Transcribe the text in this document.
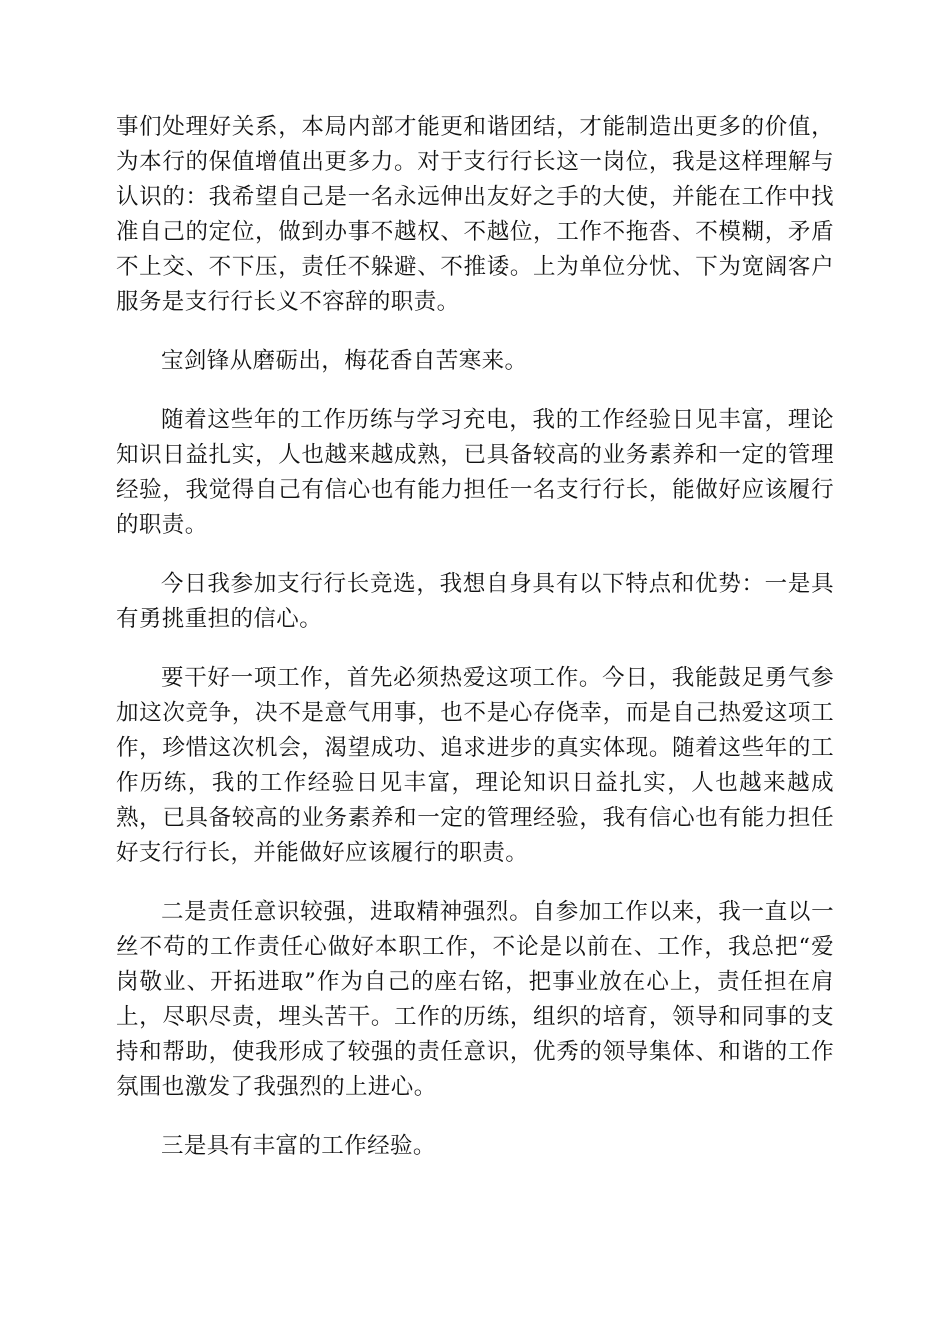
事们处理好关系，本局内部才能更和谐团结，才能制造出更多的价值，为本行的保值增值出更多力。对于支行行长这一岗位，我是这样理解与认识的：我希望自己是一名永远伸出友好之手的大使，并能在工作中找准自己的定位，做到办事不越权、不越位，工作不拖沓、不模糊，矛盾不上交、不下压，责任不躲避、不推诿。上为单位分忧、下为宽阔客户服务是支行行长义不容辞的职责。

宝剑锋从磨砺出，梅花香自苦寒来。

随着这些年的工作历练与学习充电，我的工作经验日见丰富，理论知识日益扎实，人也越来越成熟，已具备较高的业务素养和一定的管理经验，我觉得自己有信心也有能力担任一名支行行长，能做好应该履行的职责。

今日我参加支行行长竞选，我想自身具有以下特点和优势：一是具有勇挑重担的信心。

要干好一项工作，首先必须热爱这项工作。今日，我能鼓足勇气参加这次竞争，决不是意气用事，也不是心存侥幸，而是自己热爱这项工作，珍惜这次机会，渴望成功、追求进步的真实体现。随着这些年的工作历练，我的工作经验日见丰富，理论知识日益扎实，人也越来越成熟，已具备较高的业务素养和一定的管理经验，我有信心也有能力担任好支行行长，并能做好应该履行的职责。

二是责任意识较强，进取精神强烈。自参加工作以来，我一直以一丝不苟的工作责任心做好本职工作，不论是以前在、工作，我总把“爱岗敬业、开拓进取”作为自己的座右铭，把事业放在心上，责任担在肩上，尽职尽责，埋头苦干。工作的历练，组织的培育，领导和同事的支持和帮助，使我形成了较强的责任意识，优秀的领导集体、和谐的工作氛围也激发了我强烈的上进心。

三是具有丰富的工作经验。
